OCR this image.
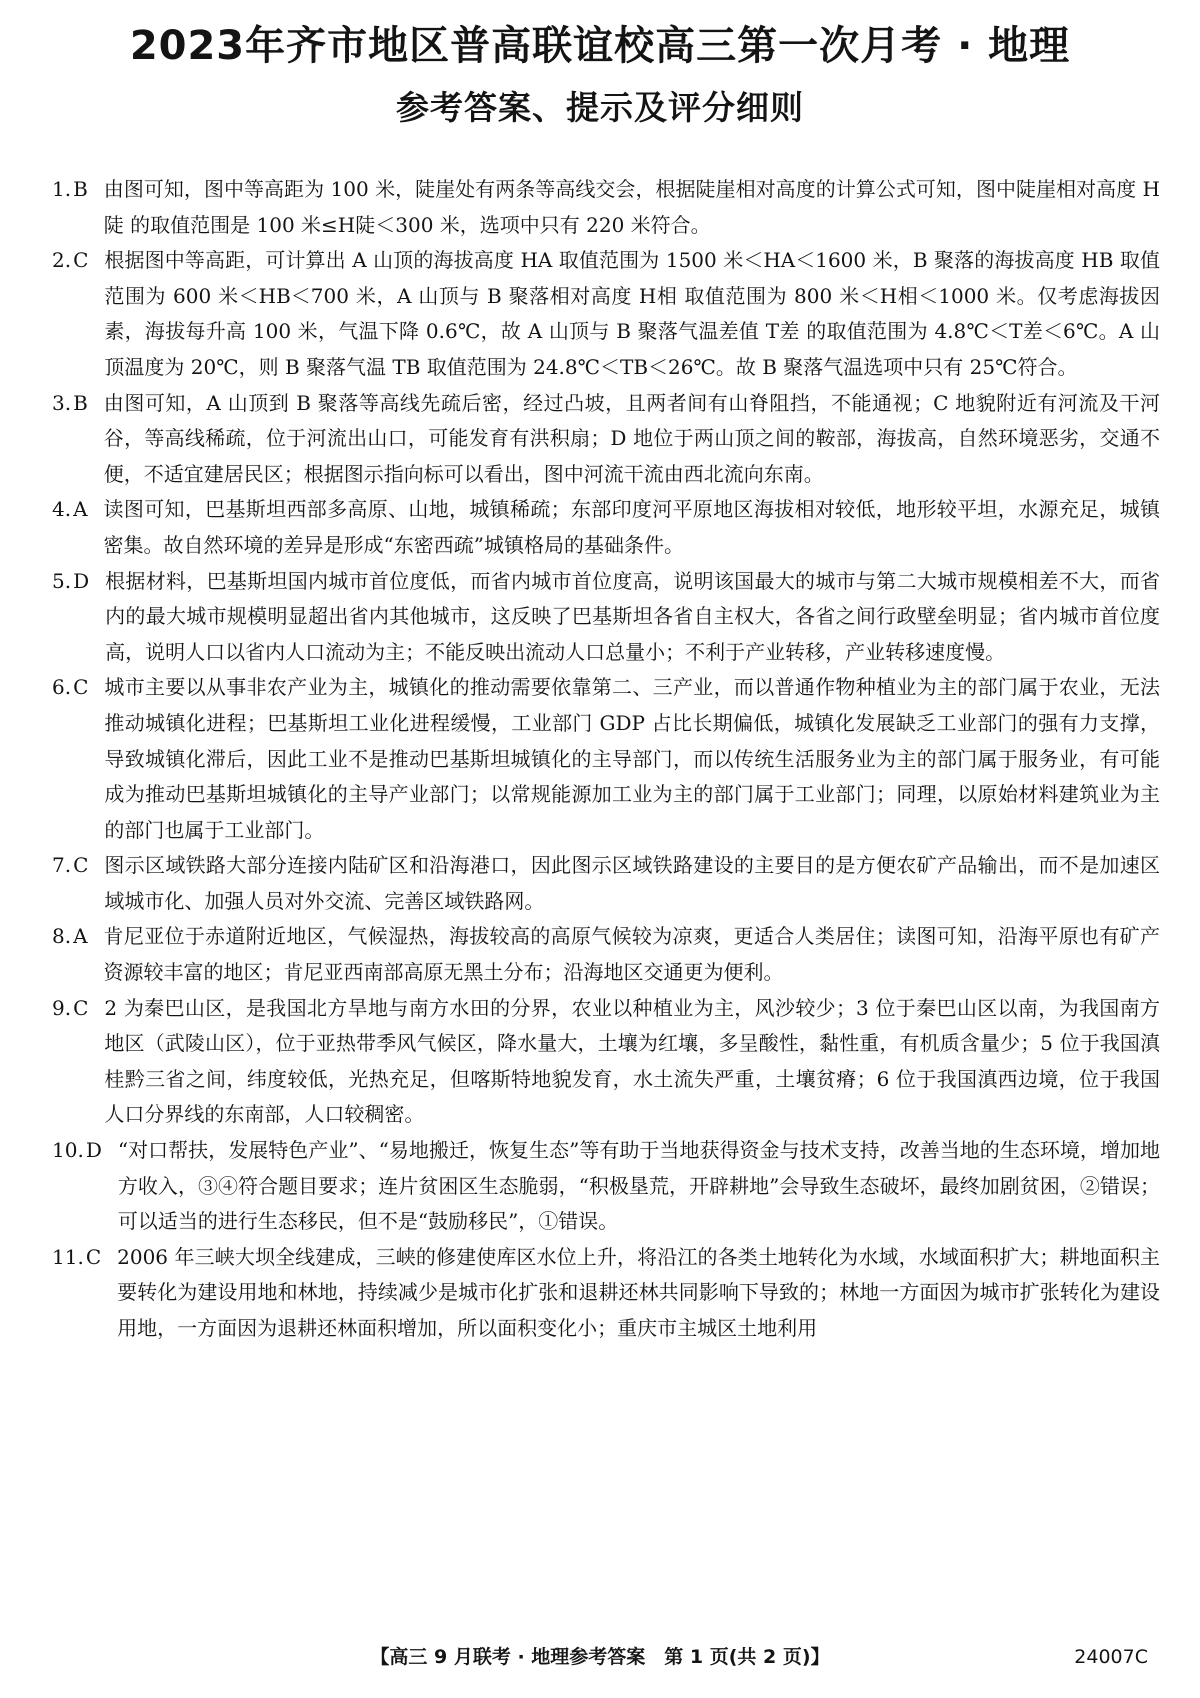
2023年齐市地区普高联谊校高三第一次月考 · 地理
参考答案、提示及评分细则
1. B 由图可知，图中等高距为 100 米，陡崖处有两条等高线交会，根据陡崖相对高度的计算公式可知，图中陡崖相对高度 H陡 的取值范围是 100 米≤H陡＜300 米，选项中只有 220 米符合。
2. C 根据图中等高距，可计算出 A 山顶的海拔高度 HA 取值范围为 1500 米＜HA＜1600 米，B 聚落的海拔高度 HB 取值范围为 600 米＜HB＜700 米，A 山顶与 B 聚落相对高度 H相 取值范围为 800 米＜H相＜1000 米。仅考虑海拔因素，海拔每升高 100 米，气温下降 0.6℃，故 A 山顶与 B 聚落气温差值 T差 的取值范围为 4.8℃＜T差＜6℃。A 山顶温度为 20℃，则 B 聚落气温 TB 取值范围为 24.8℃＜TB＜26℃。故 B 聚落气温选项中只有 25℃符合。
3. B 由图可知，A 山顶到 B 聚落等高线先疏后密，经过凸坡，且两者间有山脊阻挡，不能通视；C 地貌附近有河流及干河谷，等高线稀疏，位于河流出山口，可能发育有洪积扇；D 地位于两山顶之间的鞍部，海拔高，自然环境恶劣，交通不便，不适宜建居民区；根据图示指向标可以看出，图中河流干流由西北流向东南。
4. A 读图可知，巴基斯坦西部多高原、山地，城镇稀疏；东部印度河平原地区海拔相对较低，地形较平坦，水源充足，城镇密集。故自然环境的差异是形成“东密西疏”城镇格局的基础条件。
5. D 根据材料，巴基斯坦国内城市首位度低，而省内城市首位度高，说明该国最大的城市与第二大城市规模相差不大，而省内的最大城市规模明显超出省内其他城市，这反映了巴基斯坦各省自主权大，各省之间行政壁垒明显；省内城市首位度高，说明人口以省内人口流动为主；不能反映出流动人口总量小；不利于产业转移，产业转移速度慢。
6. C 城市主要以从事非农产业为主，城镇化的推动需要依靠第二、三产业，而以普通作物种植业为主的部门属于农业，无法推动城镇化进程；巴基斯坦工业化进程缓慢，工业部门 GDP 占比长期偏低，城镇化发展缺乏工业部门的强有力支撑，导致城镇化滞后，因此工业不是推动巴基斯坦城镇化的主导部门，而以传统生活服务业为主的部门属于服务业，有可能成为推动巴基斯坦城镇化的主导产业部门；以常规能源加工业为主的部门属于工业部门；同理，以原始材料建筑业为主的部门也属于工业部门。
7. C 图示区域铁路大部分连接内陆矿区和沿海港口，因此图示区域铁路建设的主要目的是方便农矿产品输出，而不是加速区域城市化、加强人员对外交流、完善区域铁路网。
8. A 肯尼亚位于赤道附近地区，气候湿热，海拔较高的高原气候较为凉爽，更适合人类居住；读图可知，沿海平原也有矿产资源较丰富的地区；肯尼亚西南部高原无黑土分布；沿海地区交通更为便利。
9. C 2 为秦巴山区，是我国北方旱地与南方水田的分界，农业以种植业为主，风沙较少；3 位于秦巴山区以南，为我国南方地区（武陵山区），位于亚热带季风气候区，降水量大，土壤为红壤，多呈酸性，黏性重，有机质含量少；5 位于我国滇桂黔三省之间，纬度较低，光热充足，但喀斯特地貌发育，水土流失严重，土壤贫瘠；6 位于我国滇西边境，位于我国人口分界线的东南部，人口较稠密。
10. D “对口帮扶，发展特色产业”、“易地搬迁，恢复生态”等有助于当地获得资金与技术支持，改善当地的生态环境，增加地方收入，③④符合题目要求；连片贫困区生态脆弱，“积极垦荒，开辟耕地”会导致生态破坏，最终加剧贫困，②错误；可以适当的进行生态移民，但不是“鼓励移民”，①错误。
11. C 2006 年三峡大坝全线建成，三峡的修建使库区水位上升，将沿江的各类土地转化为水域，水域面积扩大；耕地面积主要转化为建设用地和林地，持续减少是城市化扩张和退耕还林共同影响下导致的；林地一方面因为城市扩张转化为建设用地，一方面因为退耕还林面积增加，所以面积变化小；重庆市主城区土地利用
【高三 9 月联考 · 地理参考答案　第 1 页(共 2 页)】	24007C
